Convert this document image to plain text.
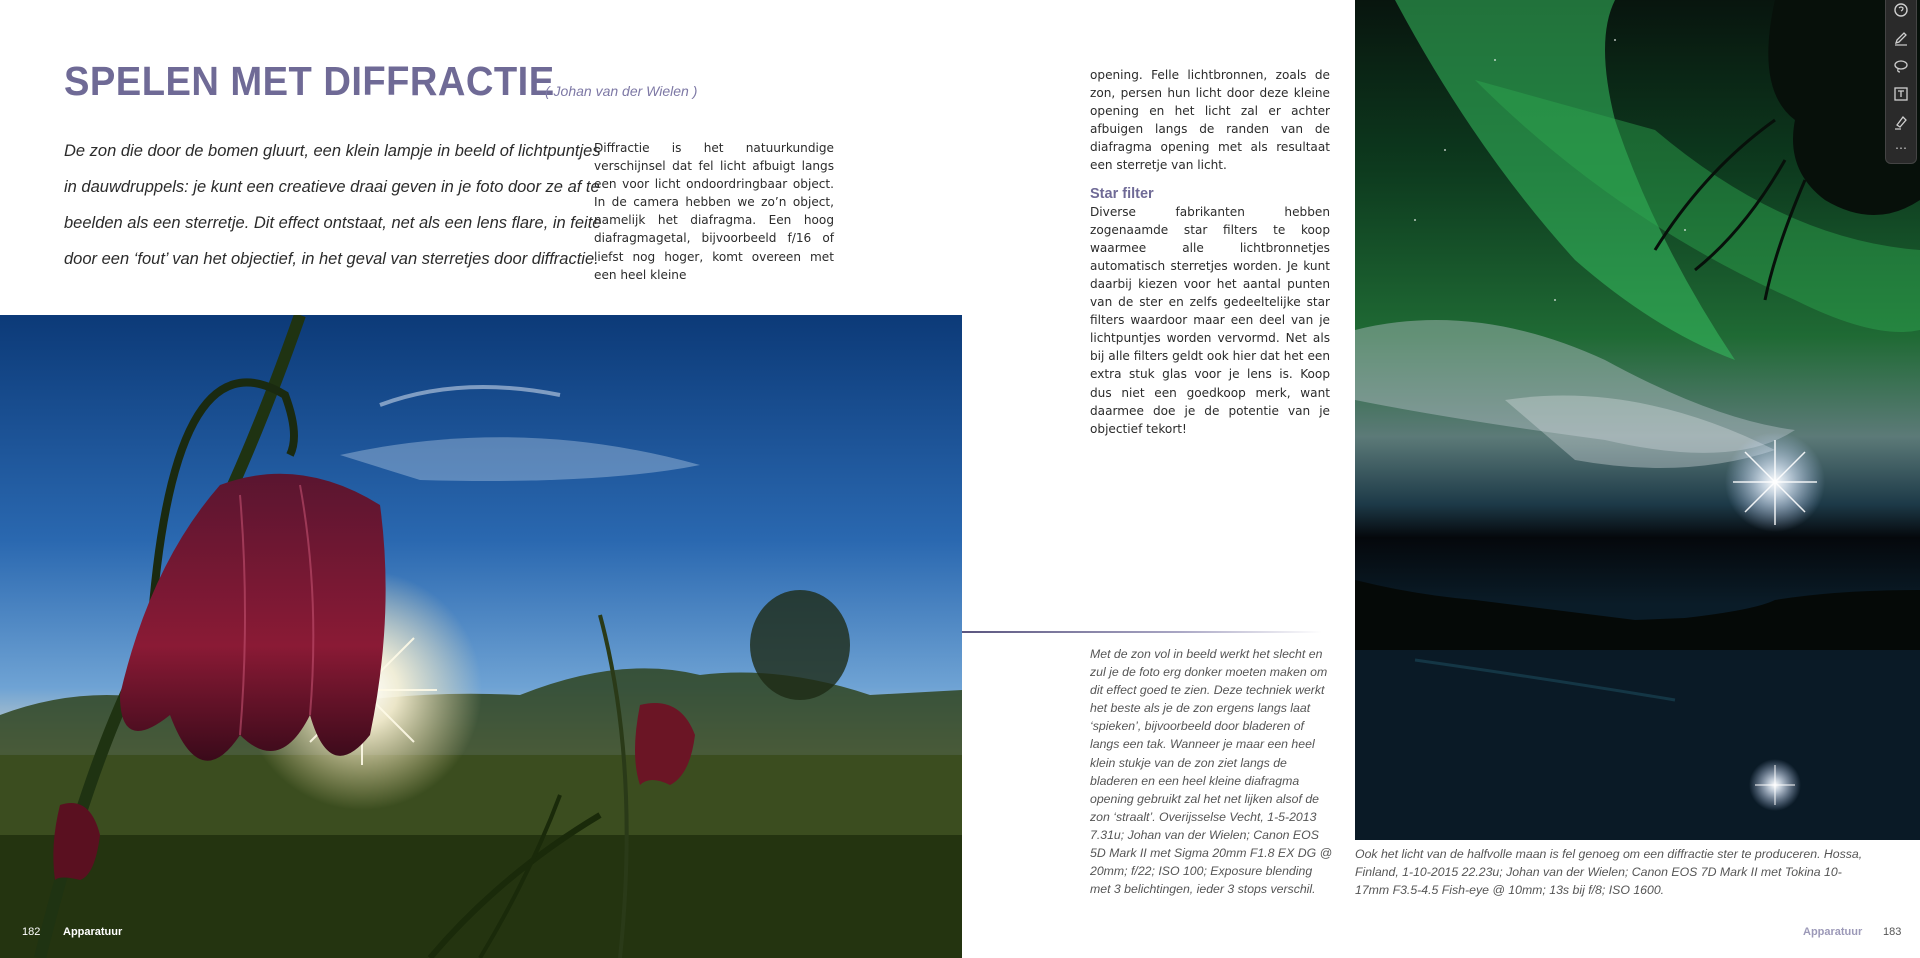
SPELEN MET DIFFRACTIE
( Johan van der Wielen )

De zon die door de bomen gluurt, een klein lampje in beeld of lichtpuntjes

in dauwdruppels: je kunt een creatieve draai geven in je foto door ze af te

beelden als een sterretje. Dit effect ontstaat, net als een lens flare, in feite

door een ‘fout’ van het objectief, in het geval van sterretjes door diffractie.

Diffractie is het natuurkundige verschijnsel dat fel licht afbuigt langs een voor licht ondoordringbaar object. In de camera hebben we zo’n object, namelijk het diafragma. Een hoog diafragmagetal, bijvoorbeeld f/16 of liefst nog hoger, komt overeen met een heel kleine

opening. Felle lichtbronnen, zoals de zon, persen hun licht door deze kleine opening en het licht zal er achter afbuigen langs de randen van de diafragma opening met als resultaat een sterretje van licht.

Star filter

Diverse fabrikanten hebben zogenaamde star filters te koop waarmee alle lichtbronnetjes automatisch sterretjes worden. Je kunt daarbij kiezen voor het aantal punten van de ster en zelfs gedeeltelijke star filters waardoor maar een deel van je lichtpuntjes worden vervormd. Net als bij alle filters geldt ook hier dat het een extra stuk glas voor je lens is. Koop dus niet een goedkoop merk, want daarmee doe je de potentie van je objectief tekort!

Met de zon vol in beeld werkt het slecht en zul je de foto erg donker moeten maken om dit effect goed te zien. Deze techniek werkt het beste als je de zon ergens langs laat ‘spieken’, bijvoorbeeld door bladeren of langs een tak. Wanneer je maar een heel klein stukje van de zon ziet langs de bladeren en een heel kleine diafragma opening gebruikt zal het net lijken alsof de zon ‘straalt’. Overijsselse Vecht, 1-5-2013 7.31u; Johan van der Wielen; Canon EOS 5D Mark II met Sigma 20mm F1.8 EX DG @ 20mm; f/22; ISO 100; Exposure blending met 3 belichtingen, ieder 3 stops verschil.
Ook het licht van de halfvolle maan is fel genoeg om een diffractie ster te produceren. Hossa, Finland, 1-10-2015 22.23u; Johan van der Wielen; Canon EOS 7D Mark II met Tokina 10-17mm F3.5-4.5 Fish-eye @ 10mm; 13s bij f/8; ISO 1600.
182 Apparatuur	Apparatuur 183
⋯
